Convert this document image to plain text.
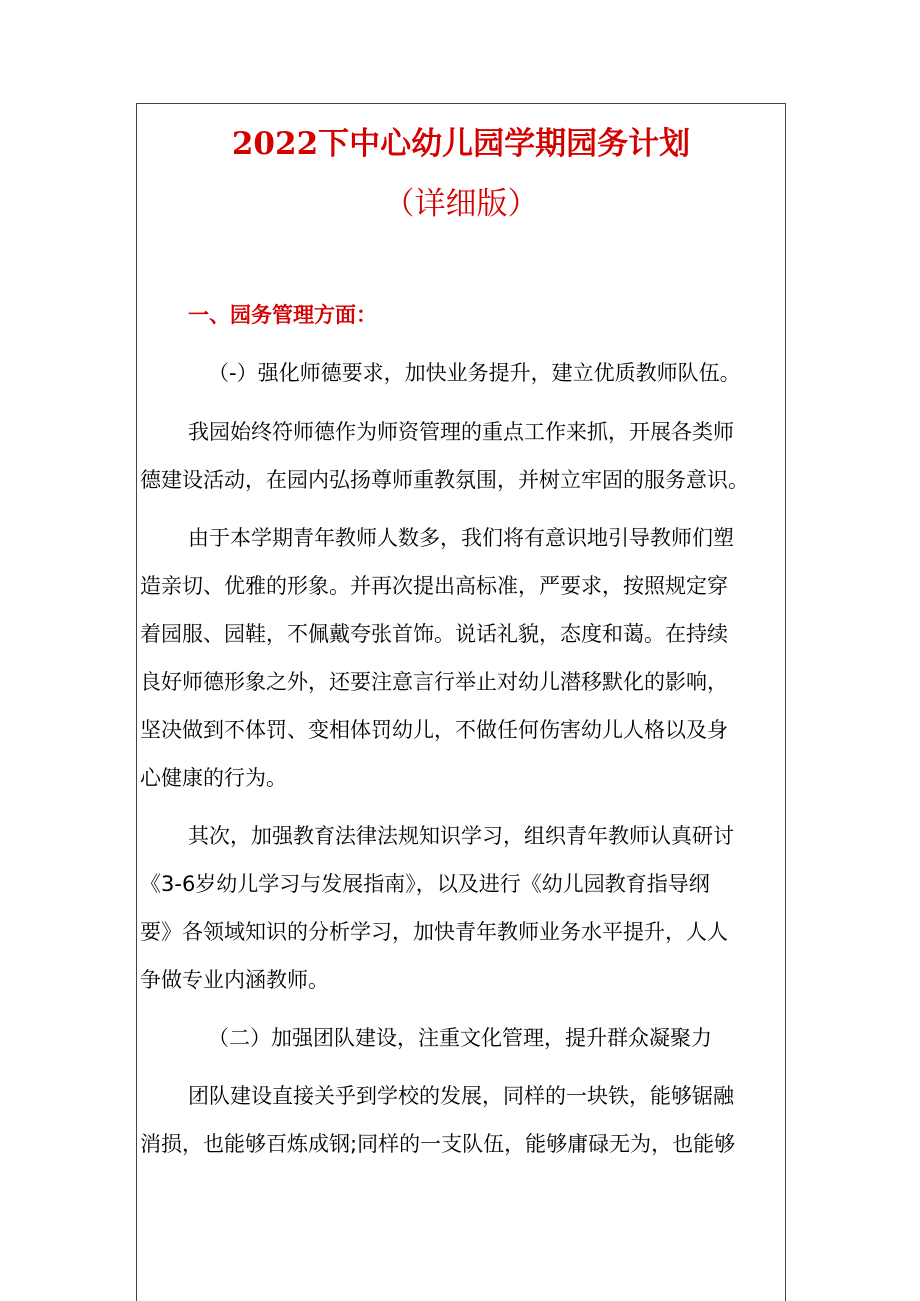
2022下中心幼儿园学期园务计划
（详细版）
一、园务管理方面：
（-）强化师德要求，加快业务提升，建立优质教师队伍。
我园始终符师德作为师资管理的重点工作来抓，开展各类师
德建设活动，在园内弘扬尊师重教氛围，并树立牢固的服务意识。
由于本学期青年教师人数多，我们将有意识地引导教师们塑
造亲切、优雅的形象。并再次提出高标准，严要求，按照规定穿
着园服、园鞋，不佩戴夸张首饰。说话礼貌，态度和蔼。在持续
良好师德形象之外，还要注意言行举止对幼儿潜移默化的影响，
坚决做到不体罚、变相体罚幼儿，不做任何伤害幼儿人格以及身
心健康的行为。
其次，加强教育法律法规知识学习，组织青年教师认真研讨
《3-6岁幼儿学习与发展指南》，以及进行《幼儿园教育指导纲
要》各领域知识的分析学习，加快青年教师业务水平提升，人人
争做专业内涵教师。
（二）加强团队建设，注重文化管理，提升群众凝聚力
团队建设直接关乎到学校的发展，同样的一块铁，能够锯融
消损，也能够百炼成钢;同样的一支队伍，能够庸碌无为，也能够
